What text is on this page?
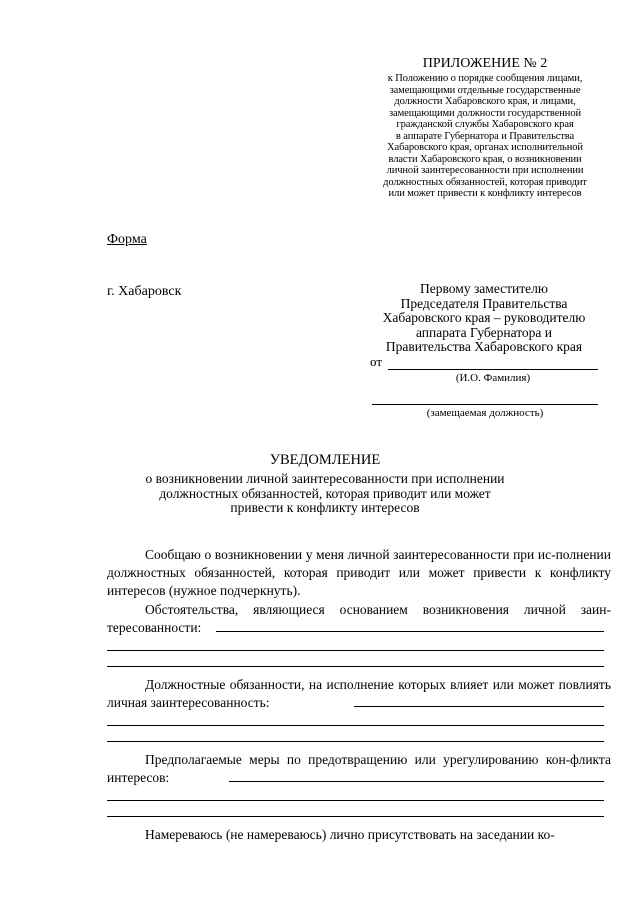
ПРИЛОЖЕНИЕ № 2
к Положению о порядке сообщения лицами,
замещающими отдельные государственные
должности Хабаровского края, и лицами,
замещающими должности государственной
гражданской службы Хабаровского края
в аппарате Губернатора и Правительства
Хабаровского края, органах исполнительной
власти Хабаровского края, о возникновении
личной заинтересованности при исполнении
должностных обязанностей, которая приводит
или может привести к конфликту интересов
Форма
г. Хабаровск	Первому заместителю
Председателя Правительства
Хабаровского края – руководителю
аппарата Губернатора и
Правительства Хабаровского края
от
(И.О. Фамилия)
(замещаемая должность)
УВЕДОМЛЕНИЕ
о возникновении личной заинтересованности при исполнении
должностных обязанностей, которая приводит или может
привести к конфликту интересов
Сообщаю о возникновении у меня личной заинтересованности при ис-полнении должностных обязанностей, которая приводит или может привести к конфликту интересов (нужное подчеркнуть).
Обстоятельства, являющиеся основанием возникновения личной заин-тересованности:
Должностные обязанности, на исполнение которых влияет или может повлиять личная заинтересованность:
Предполагаемые меры по предотвращению или урегулированию кон-фликта интересов:
Намереваюсь (не намереваюсь) лично присутствовать на заседании ко-
